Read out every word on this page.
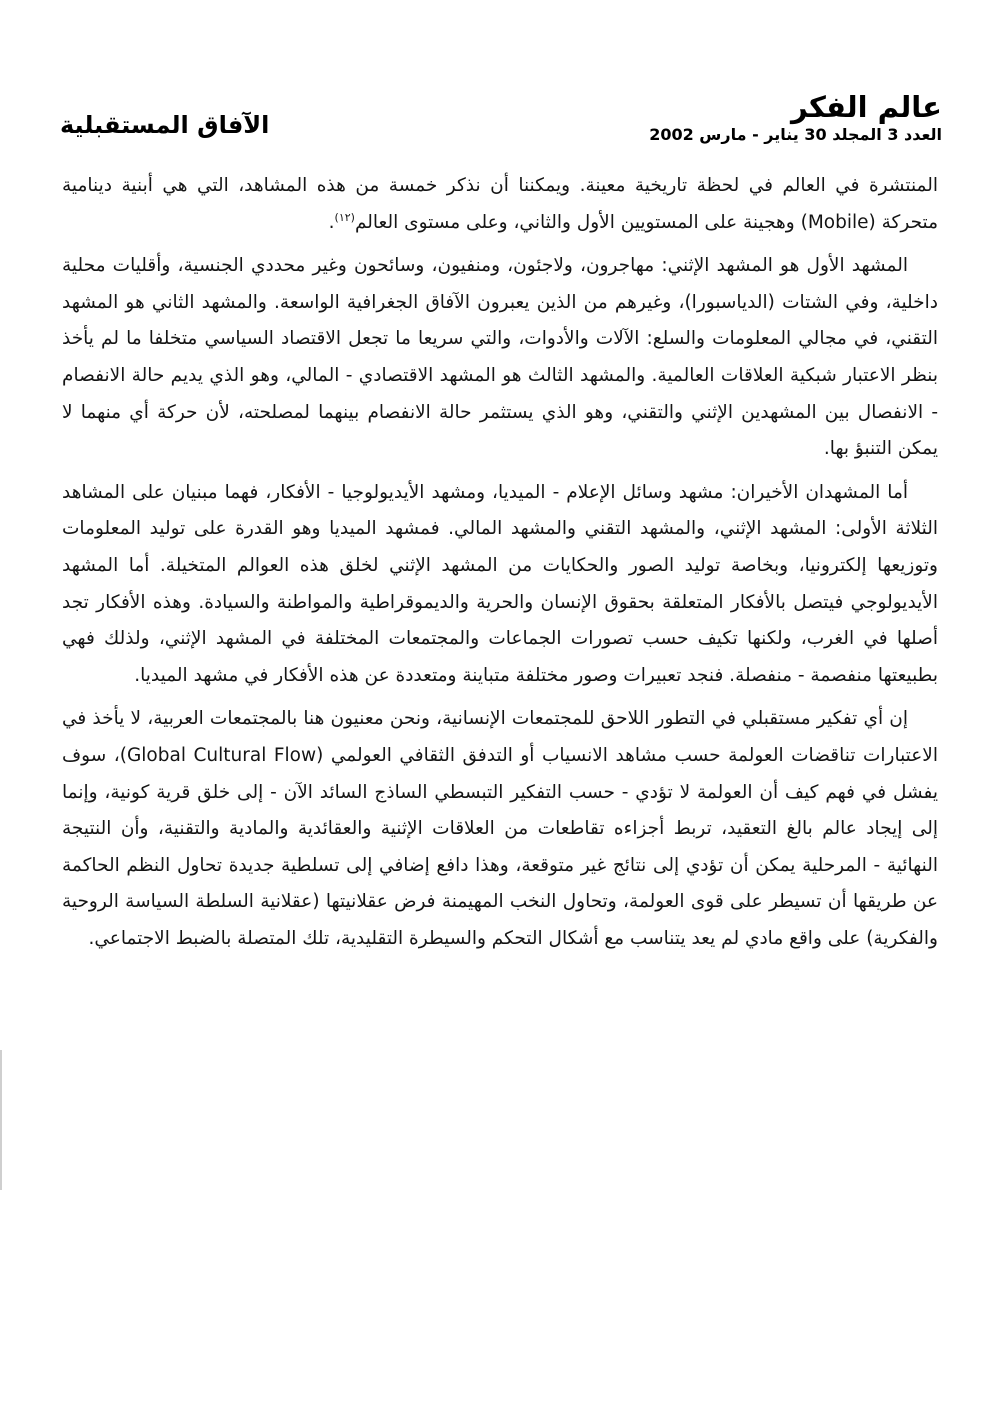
عالم الفكر
العدد 3 المجلد 30 يناير - مارس 2002
الآفاق المستقبلية

المنتشرة في العالم في لحظة تاريخية معينة. ويمكننا أن نذكر خمسة من هذه المشاهد، التي هي أبنية دينامية متحركة (Mobile) وهجينة على المستويين الأول والثاني، وعلى مستوى العالم$^{(١٢)}$.

المشهد الأول هو المشهد الإثني: مهاجرون، ولاجئون، ومنفيون، وسائحون وغير محددي الجنسية، وأقليات محلية داخلية، وفي الشتات (الدياسبورا)، وغيرهم من الذين يعبرون الآفاق الجغرافية الواسعة. والمشهد الثاني هو المشهد التقني، في مجالي المعلومات والسلع: الآلات والأدوات، والتي سريعا ما تجعل الاقتصاد السياسي متخلفا ما لم يأخذ بنظر الاعتبار شبكية العلاقات العالمية. والمشهد الثالث هو المشهد الاقتصادي - المالي، وهو الذي يديم حالة الانفصام - الانفصال بين المشهدين الإثني والتقني، وهو الذي يستثمر حالة الانفصام بينهما لمصلحته، لأن حركة أي منهما لا يمكن التنبؤ بها.

أما المشهدان الأخيران: مشهد وسائل الإعلام - الميديا، ومشهد الأيديولوجيا - الأفكار، فهما مبنيان على المشاهد الثلاثة الأولى: المشهد الإثني، والمشهد التقني والمشهد المالي. فمشهد الميديا وهو القدرة على توليد المعلومات وتوزيعها إلكترونيا، وبخاصة توليد الصور والحكايات من المشهد الإثني لخلق هذه العوالم المتخيلة. أما المشهد الأيديولوجي فيتصل بالأفكار المتعلقة بحقوق الإنسان والحرية والديموقراطية والمواطنة والسيادة. وهذه الأفكار تجد أصلها في الغرب، ولكنها تكيف حسب تصورات الجماعات والمجتمعات المختلفة في المشهد الإثني، ولذلك فهي بطبيعتها منفصمة - منفصلة. فنجد تعبيرات وصور مختلفة متباينة ومتعددة عن هذه الأفكار في مشهد الميديا.

إن أي تفكير مستقبلي في التطور اللاحق للمجتمعات الإنسانية، ونحن معنيون هنا بالمجتمعات العربية، لا يأخذ في الاعتبارات تناقضات العولمة حسب مشاهد الانسياب أو التدفق الثقافي العولمي (Global Cultural Flow)، سوف يفشل في فهم كيف أن العولمة لا تؤدي - حسب التفكير التبسطي الساذج السائد الآن - إلى خلق قرية كونية، وإنما إلى إيجاد عالم بالغ التعقيد، تربط أجزاءه تقاطعات من العلاقات الإثنية والعقائدية والمادية والتقنية، وأن النتيجة النهائية - المرحلية يمكن أن تؤدي إلى نتائج غير متوقعة، وهذا دافع إضافي إلى تسلطية جديدة تحاول النظم الحاكمة عن طريقها أن تسيطر على قوى العولمة، وتحاول النخب المهيمنة فرض عقلانيتها (عقلانية السلطة السياسة الروحية والفكرية) على واقع مادي لم يعد يتناسب مع أشكال التحكم والسيطرة التقليدية، تلك المتصلة بالضبط الاجتماعي.
